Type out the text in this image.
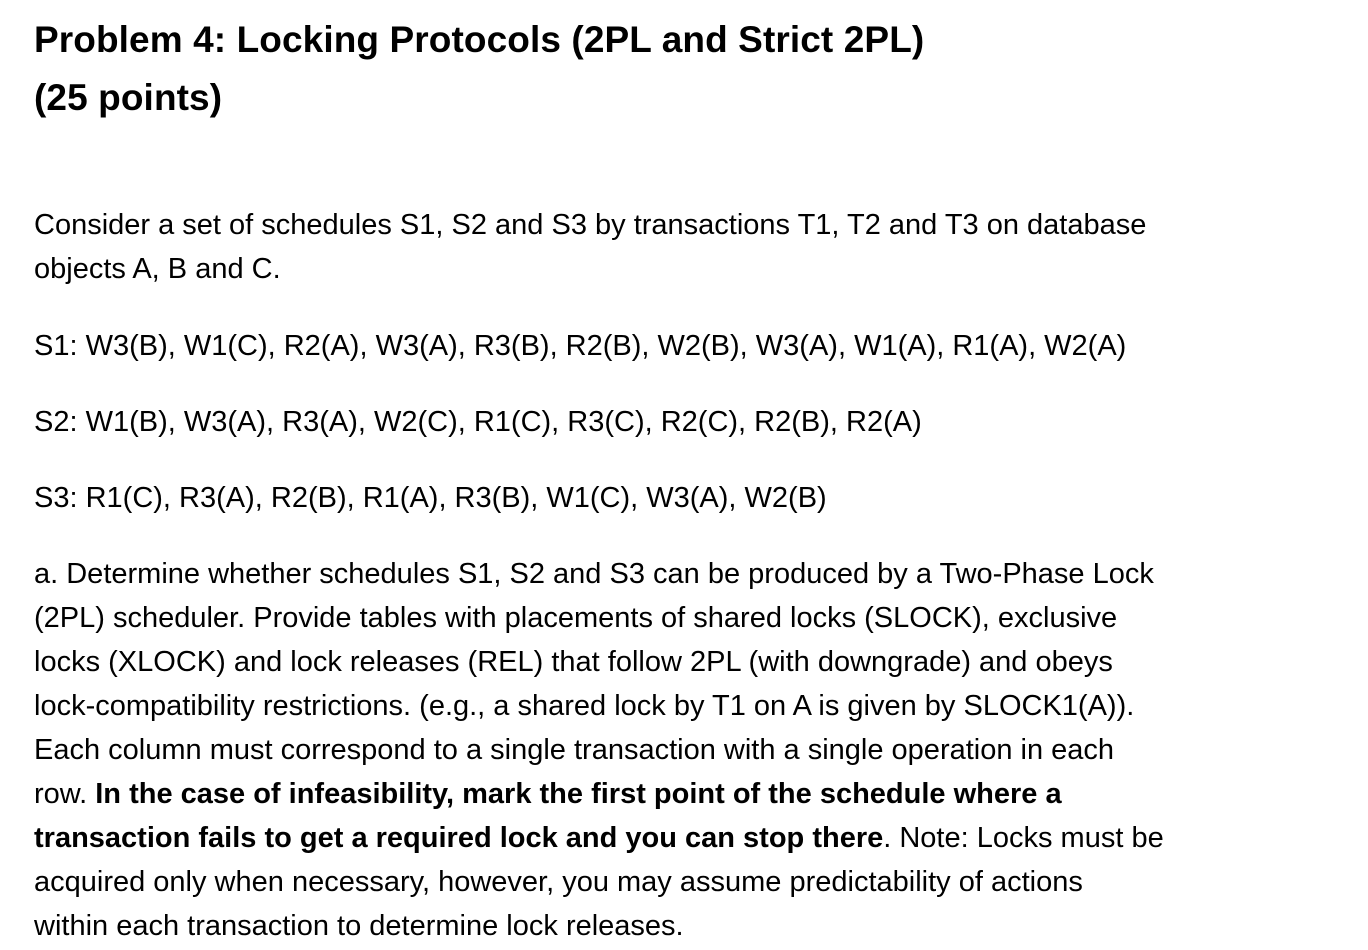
Problem 4: Locking Protocols (2PL and Strict 2PL)
(25 points)

Consider a set of schedules S1, S2 and S3 by transactions T1, T2 and T3 on database
objects A, B and C.

S1: W3(B), W1(C), R2(A), W3(A), R3(B), R2(B), W2(B), W3(A), W1(A), R1(A), W2(A)

S2: W1(B), W3(A), R3(A), W2(C), R1(C), R3(C), R2(C), R2(B), R2(A)

S3: R1(C), R3(A), R2(B), R1(A), R3(B), W1(C), W3(A), W2(B)

a. Determine whether schedules S1, S2 and S3 can be produced by a Two-Phase Lock
(2PL) scheduler. Provide tables with placements of shared locks (SLOCK), exclusive
locks (XLOCK) and lock releases (REL) that follow 2PL (with downgrade) and obeys
lock-compatibility restrictions. (e.g., a shared lock by T1 on A is given by SLOCK1(A)).
Each column must correspond to a single transaction with a single operation in each
row. In the case of infeasibility, mark the first point of the schedule where a
transaction fails to get a required lock and you can stop there. Note: Locks must be
acquired only when necessary, however, you may assume predictability of actions
within each transaction to determine lock releases.
